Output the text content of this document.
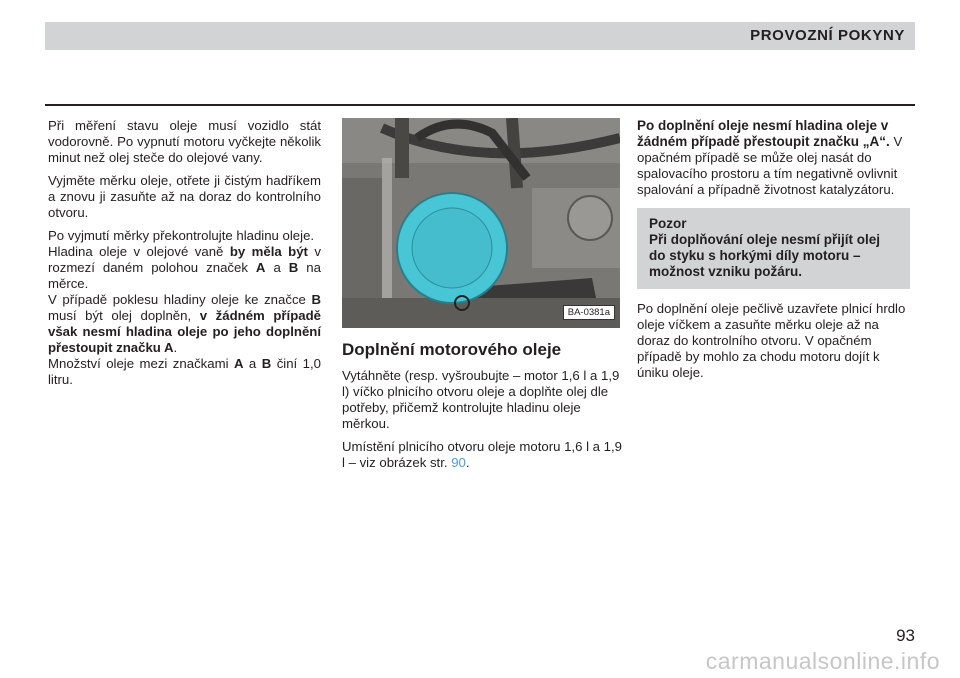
PROVOZNÍ POKYNY

Při měření stavu oleje musí vozidlo stát vodorovně. Po vypnutí motoru vyčkejte několik minut než olej steče do olejové vany.

Vyjměte měrku oleje, otřete ji čistým hadříkem a znovu ji zasuňte až na doraz do kontrolního otvoru.

Po vyjmutí měrky překontrolujte hladinu oleje.
Hladina oleje v olejové vaně by měla být v rozmezí daném polohou značek A a B na měrce.
V případě poklesu hladiny oleje ke značce B musí být olej doplněn, v žádném případě však nesmí hladina oleje po jeho doplnění přestoupit značku A.
Množství oleje mezi značkami A a B činí 1,0 litru.

BA-0381a
Doplnění motorového oleje

Vytáhněte (resp. vyšroubujte – motor 1,6 l a 1,9 l) víčko plnicího otvoru oleje a doplňte olej dle potřeby, přičemž kontrolujte hladinu oleje měrkou.

Umístění plnicího otvoru oleje motoru 1,6 l a 1,9 l – viz obrázek str. 90.

Po doplnění oleje nesmí hladina oleje v žádném případě přestoupit značku „A“. V opačném případě se může olej nasát do spalovacího prostoru a tím negativně ovlivnit spalování a případně životnost katalyzátoru.

Pozor
Při doplňování oleje nesmí přijít olej do styku s horkými díly motoru – možnost vzniku požáru.

Po doplnění oleje pečlivě uzavřete plnicí hrdlo oleje víčkem a zasuňte měrku oleje až na doraz do kontrolního otvoru. V opačném případě by mohlo za chodu motoru dojít k úniku oleje.

93
carmanualsonline.info
